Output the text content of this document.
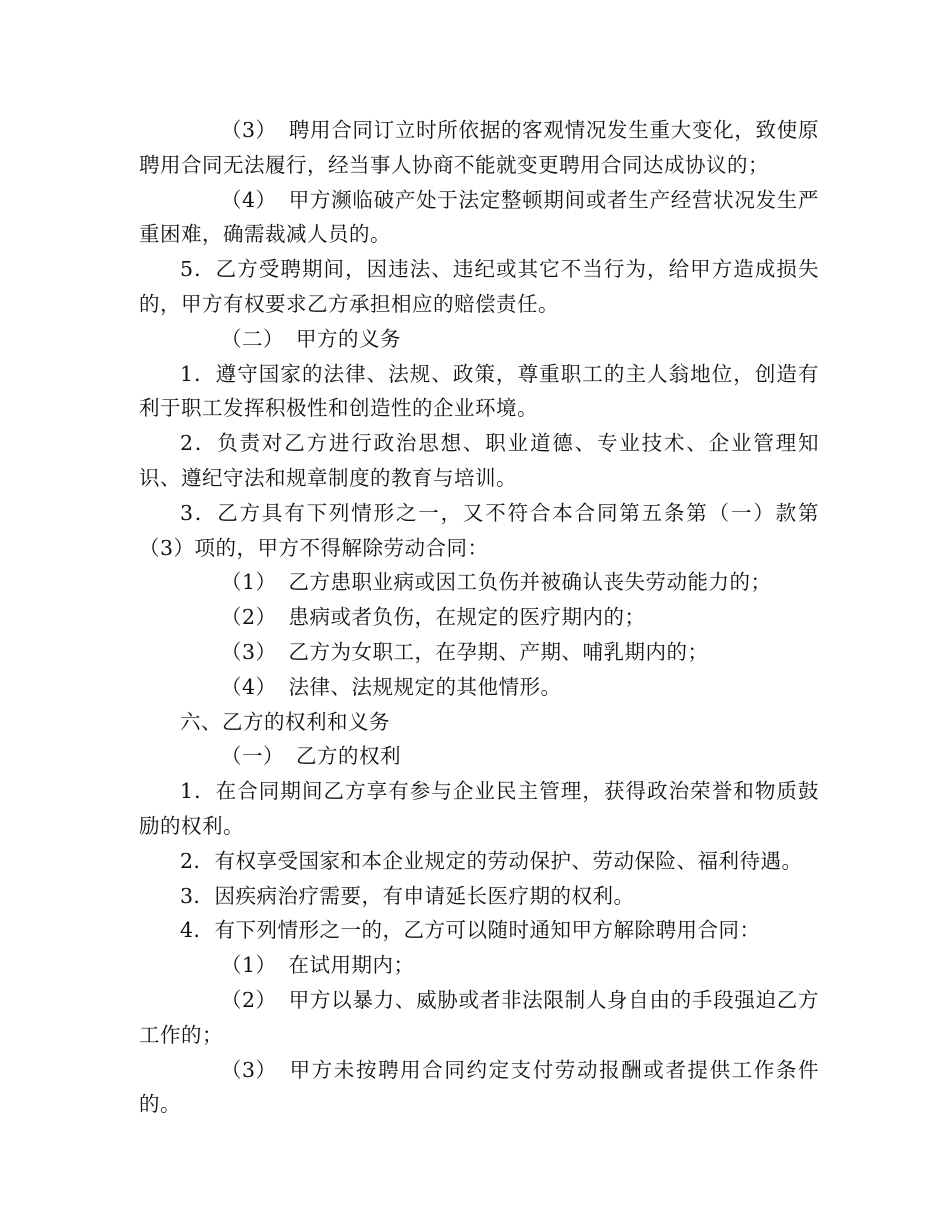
（3） 聘用合同订立时所依据的客观情况发生重大变化，致使原聘用合同无法履行，经当事人协商不能就变更聘用合同达成协议的；

（4） 甲方濒临破产处于法定整顿期间或者生产经营状况发生严重困难，确需裁减人员的。

5．乙方受聘期间，因违法、违纪或其它不当行为，给甲方造成损失的，甲方有权要求乙方承担相应的赔偿责任。

（二） 甲方的义务

1．遵守国家的法律、法规、政策，尊重职工的主人翁地位，创造有利于职工发挥积极性和创造性的企业环境。

2．负责对乙方进行政治思想、职业道德、专业技术、企业管理知识、遵纪守法和规章制度的教育与培训。

3．乙方具有下列情形之一，又不符合本合同第五条第（一）款第（3）项的，甲方不得解除劳动合同：

（1） 乙方患职业病或因工负伤并被确认丧失劳动能力的；

（2） 患病或者负伤，在规定的医疗期内的；

（3） 乙方为女职工，在孕期、产期、哺乳期内的；

（4） 法律、法规规定的其他情形。

六、乙方的权利和义务

（一） 乙方的权利

1．在合同期间乙方享有参与企业民主管理，获得政治荣誉和物质鼓励的权利。

2．有权享受国家和本企业规定的劳动保护、劳动保险、福利待遇。

3．因疾病治疗需要，有申请延长医疗期的权利。

4．有下列情形之一的，乙方可以随时通知甲方解除聘用合同：

（1） 在试用期内；

（2） 甲方以暴力、威胁或者非法限制人身自由的手段强迫乙方工作的；

（3） 甲方未按聘用合同约定支付劳动报酬或者提供工作条件的。
